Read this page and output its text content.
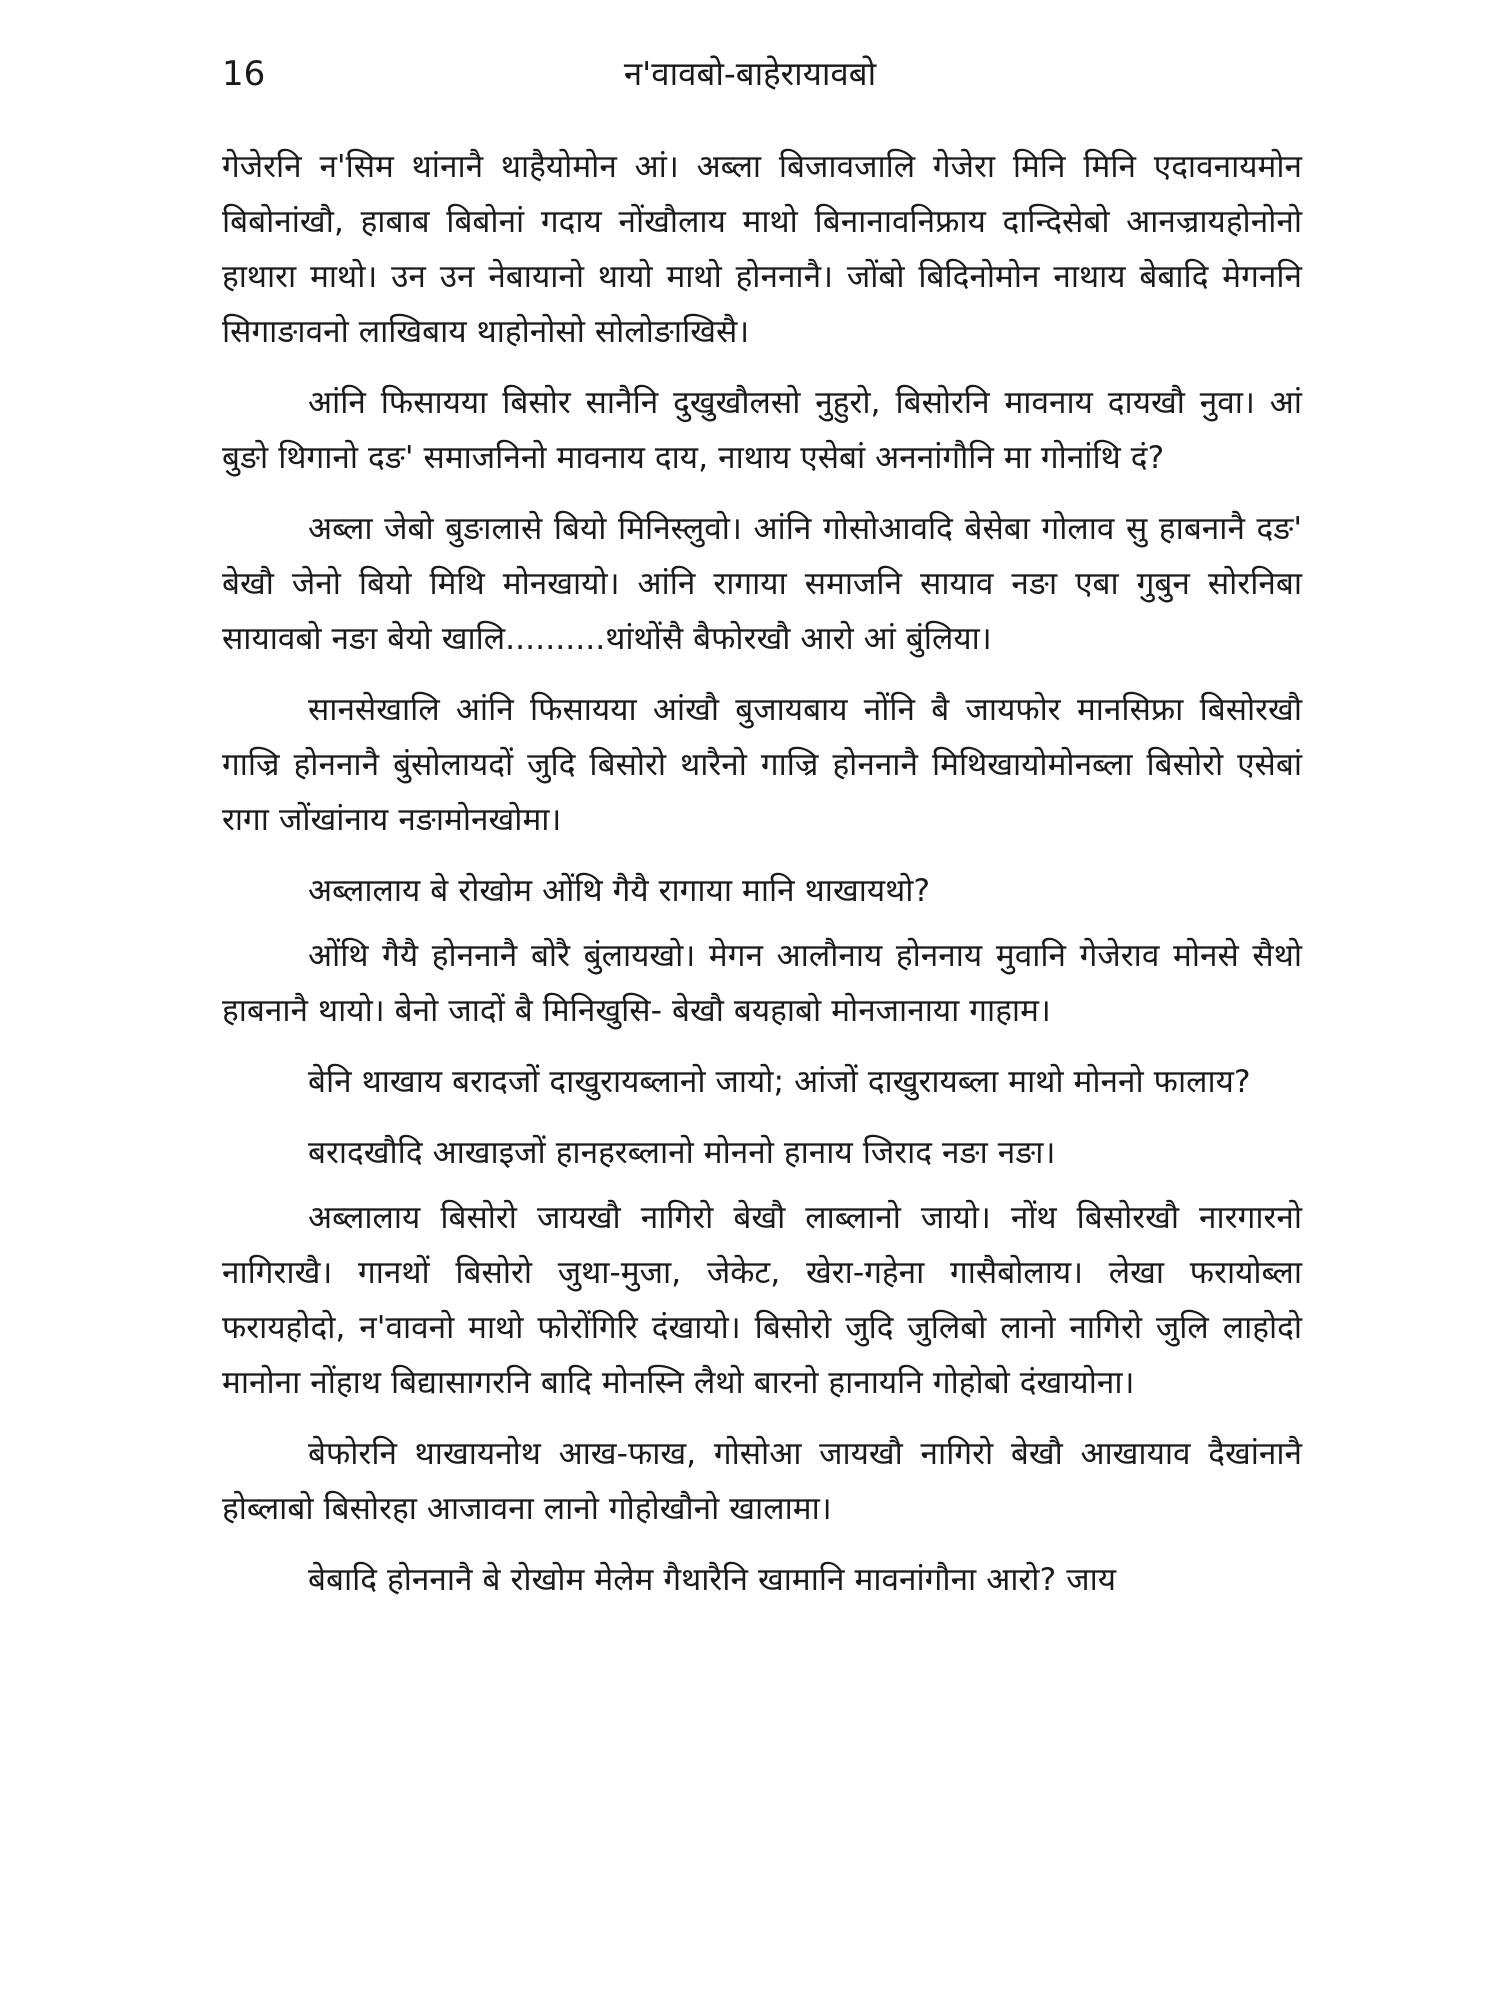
16	न'वावबो-बाहेरायावबो

गेजेरनि न'सिम थांनानै थाहैयोमोन आं। अब्ला बिजावजालि गेजेरा मिनि मिनि एदावनायमोन बिबोनांखौ, हाबाब बिबोनां गदाय नोंखौलाय माथो बिनानावनिफ्राय दान्दिसेबो आनज्रायहोनोनो हाथारा माथो। उन उन नेबायानो थायो माथो होननानै। जोंबो बिदिनोमोन नाथाय बेबादि मेगननि सिगाङावनो लाखिबाय थाहोनोसो सोलोङाखिसै।

आंनि फिसायया बिसोर सानैनि दुखुखौलसो नुहुरो, बिसोरनि मावनाय दायखौ नुवा। आं बुङो थिगानो दङ' समाजनिनो मावनाय दाय, नाथाय एसेबां अननांगौनि मा गोनांथि दं?

अब्ला जेबो बुङालासे बियो मिनिस्लुवो। आंनि गोसोआवदि बेसेबा गोलाव सु हाबनानै दङ' बेखौ जेनो बियो मिथि मोनखायो। आंनि रागाया समाजनि सायाव नङा एबा गुबुन सोरनिबा सायावबो नङा बेयो खालि..........थांथोंसै बैफोरखौ आरो आं बुंलिया।

सानसेखालि आंनि फिसायया आंखौ बुजायबाय नोंनि बै जायफोर मानसिफ्रा बिसोरखौ गाज्रि होननानै बुंसोलायदों जुदि बिसोरो थारैनो गाज्रि होननानै मिथिखायोमोनब्ला बिसोरो एसेबां रागा जोंखांनाय नङामोनखोमा।

अब्लालाय बे रोखोम ओंथि गैयै रागाया मानि थाखायथो?

ओंथि गैयै होननानै बोरै बुंलायखो। मेगन आलौनाय होननाय मुवानि गेजेराव मोनसे सैथो हाबनानै थायो। बेनो जादों बै मिनिखुसि- बेखौ बयहाबो मोनजानाया गाहाम।

बेनि थाखाय बरादजों दाखुरायब्लानो जायो; आंजों दाखुरायब्ला माथो मोननो फालाय?

बरादखौदि आखाइजों हानहरब्लानो मोननो हानाय जिराद नङा नङा।

अब्लालाय बिसोरो जायखौ नागिरो बेखौ लाब्लानो जायो। नोंथ बिसोरखौ नारगारनो नागिराखै। गानथों बिसोरो जुथा-मुजा, जेकेट, खेरा-गहेना गासैबोलाय। लेखा फरायोब्ला फरायहोदो, न'वावनो माथो फोरोंगिरि दंखायो। बिसोरो जुदि जुलिबो लानो नागिरो जुलि लाहोदो मानोना नोंहाथ बिद्यासागरनि बादि मोनस्नि लैथो बारनो हानायनि गोहोबो दंखायोना।

बेफोरनि थाखायनोथ आख-फाख, गोसोआ जायखौ नागिरो बेखौ आखायाव दैखांनानै होब्लाबो बिसोरहा आजावना लानो गोहोखौनो खालामा।

बेबादि होननानै बे रोखोम मेलेम गैथारैनि खामानि मावनांगौना आरो? जाय
